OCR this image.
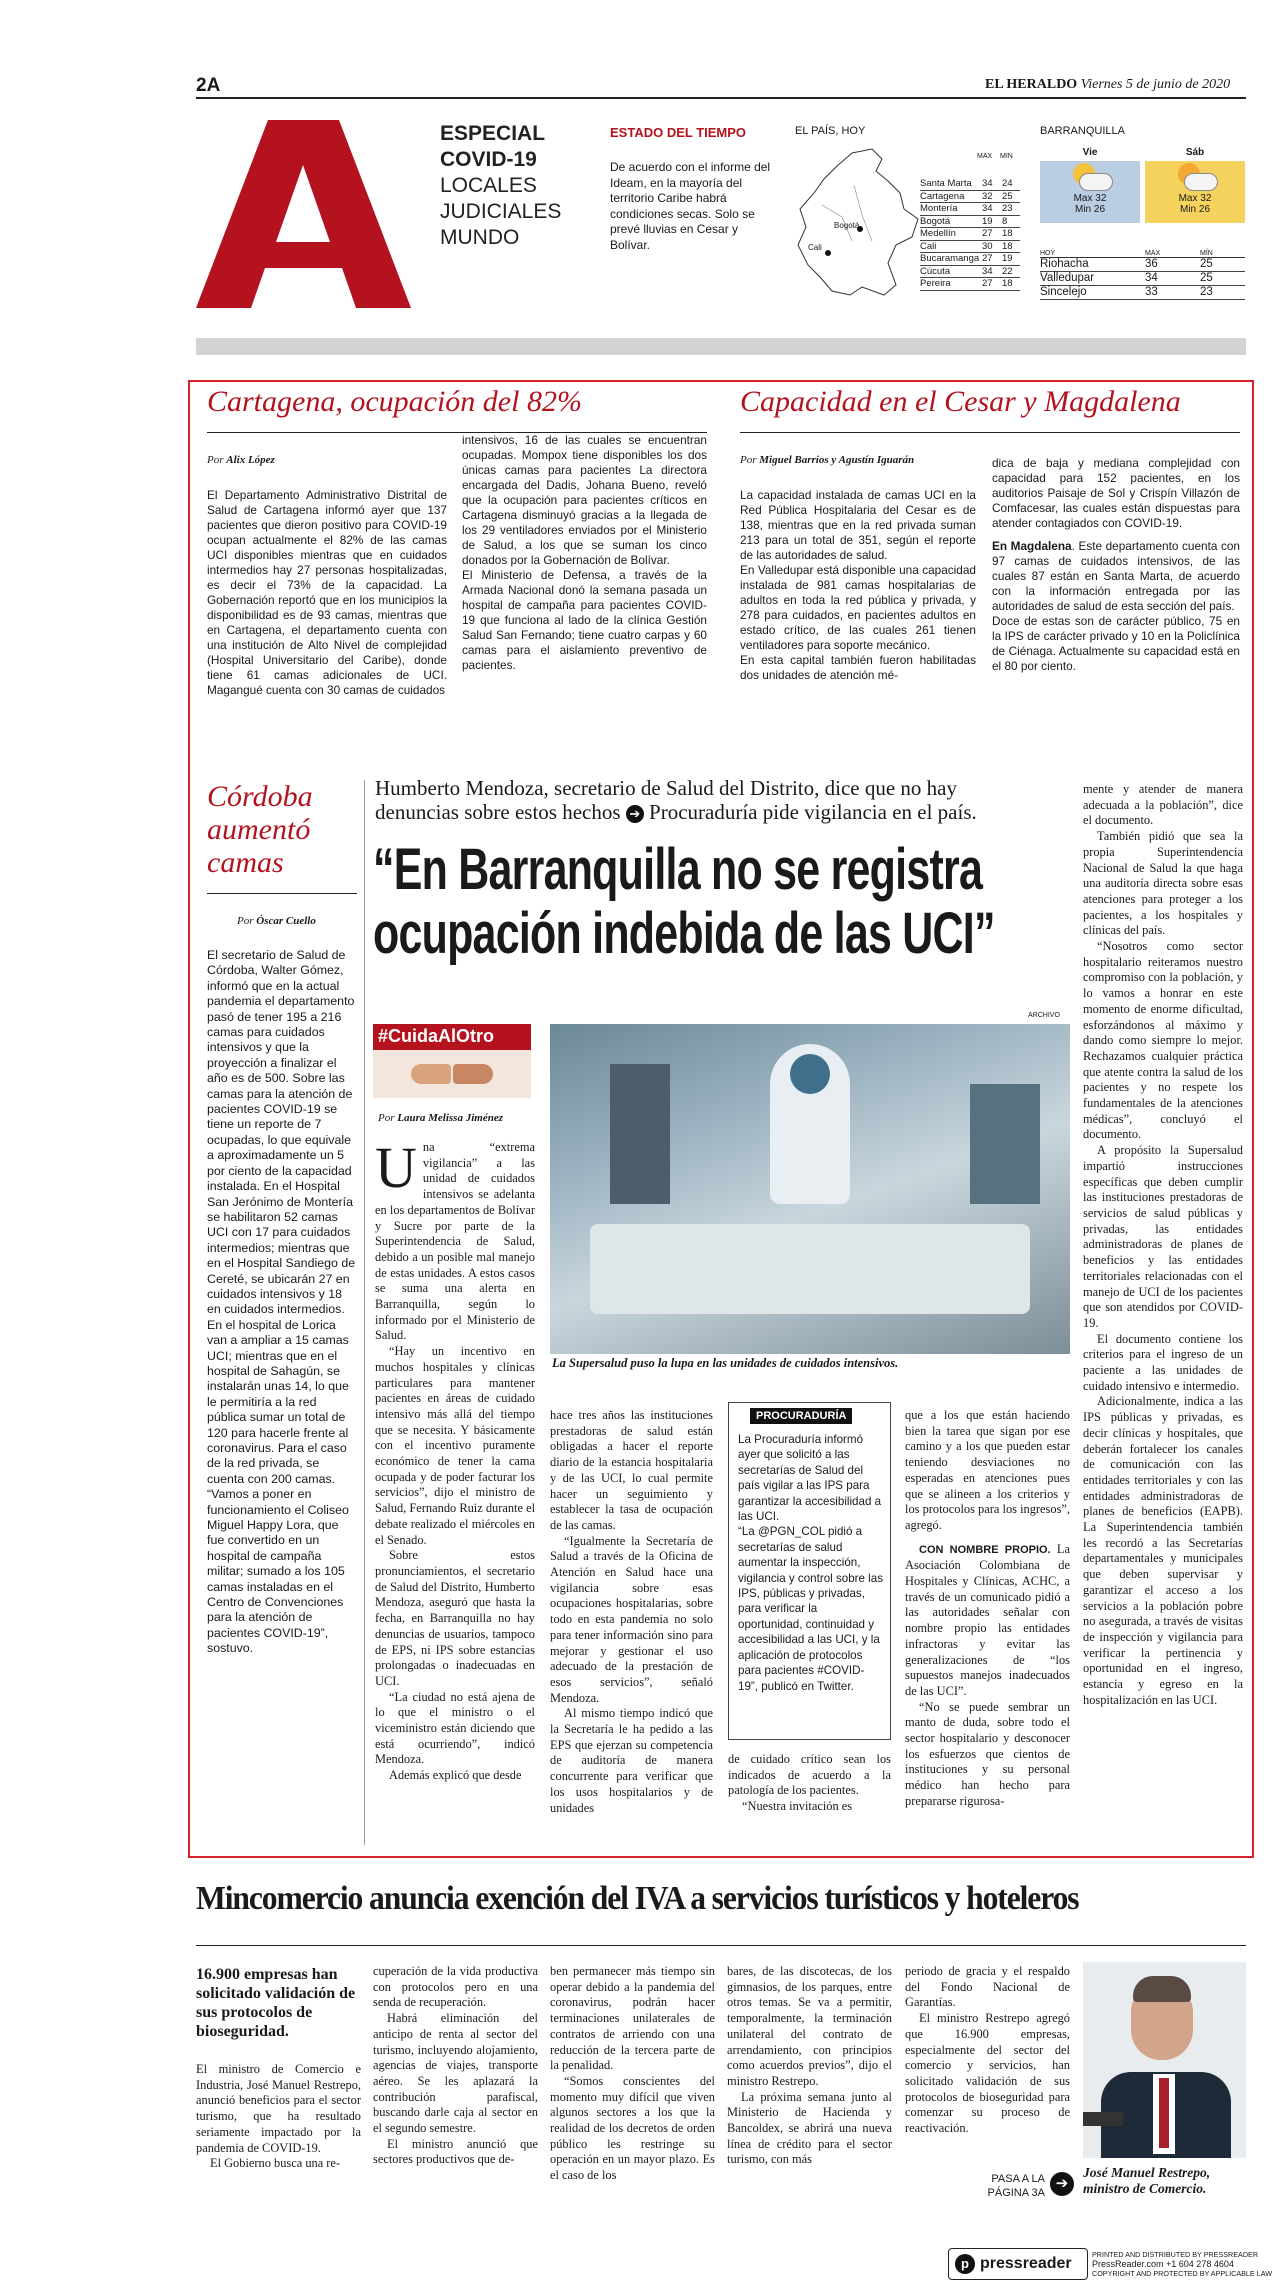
2A	EL HERALDO Viernes 5 de junio de 2020
ESPECIAL
COVID-19
LOCALES
JUDICIALES
MUNDO
ESTADO DEL TIEMPO
De acuerdo con el informe del Ideam, en la mayoría del territorio Caribe habrá condiciones secas. Solo se prevé lluvias en Cesar y Bolívar.
EL PAÍS, HOY
Bogotá
Cali
MAX MIN
Santa Marta	34 24
Cartagena	32 25
Montería	34 23
Bogotá	19 8
Medellín	27 18
Cali	30 18
Bucaramanga 27 19
Cúcuta	34 22
Pereira	27 18
BARRANQUILLA
Vie
Max 32
Min 26
Sáb
Max 32
Min 26
HOY	MAX	MÍN
Riohacha	36	25
Valledupar	34	25
Sincelejo	33	23
Cartagena, ocupación del 82%
Por Alix López

El Departamento Administrativo Distrital de Salud de Cartagena informó ayer que 137 pacientes que dieron positivo para COVID-19 ocupan actualmente el 82% de las camas UCI disponibles mientras que en cuidados intermedios hay 27 personas hospitalizadas, es decir el 73% de la capacidad. La Gobernación reportó que en los municipios la disponibilidad es de 93 camas, mientras que en Cartagena, el departamento cuenta con una institución de Alto Nivel de complejidad (Hospital Universitario del Caribe), donde tiene 61 camas adicionales de UCI. Magangué cuenta con 30 camas de cuidados

intensivos, 16 de las cuales se encuentran ocupadas. Mompox tiene disponibles los dos únicas camas para pacientes La directora encargada del Dadis, Johana Bueno, reveló que la ocupación para pacientes críticos en Cartagena disminuyó gracias a la llegada de los 29 ventiladores enviados por el Ministerio de Salud, a los que se suman los cinco donados por la Gobernación de Bolívar.

El Ministerio de Defensa, a través de la Armada Nacional donó la semana pasada un hospital de campaña para pacientes COVID-19 que funciona al lado de la clínica Gestión Salud San Fernando; tiene cuatro carpas y 60 camas para el aislamiento preventivo de pacientes.

Capacidad en el Cesar y Magdalena
Por Miguel Barrios y Agustín Iguarán

La capacidad instalada de camas UCI en la Red Pública Hospitalaria del Cesar es de 138, mientras que en la red privada suman 213 para un total de 351, según el reporte de las autoridades de salud.

En Valledupar está disponible una capacidad instalada de 981 camas hospitalarias de adultos en toda la red pública y privada, y 278 para cuidados, en pacientes adultos en estado crítico, de las cuales 261 tienen ventiladores para soporte mecánico.

En esta capital también fueron habilitadas dos unidades de atención mé-

dica de baja y mediana complejidad con capacidad para 152 pacientes, en los auditorios Paisaje de Sol y Crispín Villazón de Comfacesar, las cuales están dispuestas para atender contagiados con COVID-19.

En Magdalena. Este departamento cuenta con 97 camas de cuidados intensivos, de las cuales 87 están en Santa Marta, de acuerdo con la información entregada por las autoridades de salud de esta sección del país.

Doce de estas son de carácter público, 75 en la IPS de carácter privado y 10 en la Policlínica de Ciénaga. Actualmente su capacidad está en el 80 por ciento.

Córdoba aumentó camas
Por Óscar Cuello

El secretario de Salud de Córdoba, Walter Gómez, informó que en la actual pandemia el departamento pasó de tener 195 a 216 camas para cuidados intensivos y que la proyección a finalizar el año es de 500. Sobre las camas para la atención de pacientes COVID-19 se tiene un reporte de 7 ocupadas, lo que equivale a aproximadamente un 5 por ciento de la capacidad instalada. En el Hospital San Jerónimo de Montería se habilitaron 52 camas UCI con 17 para cuidados intermedios; mientras que en el Hospital Sandiego de Cereté, se ubicarán 27 en cuidados intensivos y 18 en cuidados intermedios.

En el hospital de Lorica van a ampliar a 15 camas UCI; mientras que en el hospital de Sahagún, se instalarán unas 14, lo que le permitiría a la red pública sumar un total de 120 para hacerle frente al coronavirus. Para el caso de la red privada, se cuenta con 200 camas.

“Vamos a poner en funcionamiento el Coliseo Miguel Happy Lora, que fue convertido en un hospital de campaña militar; sumado a los 105 camas instaladas en el Centro de Convenciones para la atención de pacientes COVID-19”, sostuvo.

Humberto Mendoza, secretario de Salud del Distrito, dice que no hay
denuncias sobre estos hechos ➔ Procuraduría pide vigilancia en el país.
“En Barranquilla no se registra
ocupación indebida de las UCI”
ARCHIVO
#CuidaAlOtro
Por Laura Melissa Jiménez
La Supersalud puso la lupa en las unidades de cuidados intensivos.

Una “extrema vigilancia” a las unidad de cuidados intensivos se adelanta en los departamentos de Bolívar y Sucre por parte de la Superintendencia de Salud, debido a un posible mal manejo de estas unidades. A estos casos se suma una alerta en Barranquilla, según lo informado por el Ministerio de Salud.

“Hay un incentivo en muchos hospitales y clínicas particulares para mantener pacientes en áreas de cuidado intensivo más allá del tiempo que se necesita. Y básicamente con el incentivo puramente económico de tener la cama ocupada y de poder facturar los servicios”, dijo el ministro de Salud, Fernando Ruiz durante el debate realizado el miércoles en el Senado.

Sobre estos pronunciamientos, el secretario de Salud del Distrito, Humberto Mendoza, aseguró que hasta la fecha, en Barranquilla no hay denuncias de usuarios, tampoco de EPS, ni IPS sobre estancias prolongadas o inadecuadas en UCI.

“La ciudad no está ajena de lo que el ministro o el viceministro están diciendo que está ocurriendo”, indicó Mendoza.

Además explicó que desde

hace tres años las instituciones prestadoras de salud están obligadas a hacer el reporte diario de la estancia hospitalaria y de las UCI, lo cual permite hacer un seguimiento y establecer la tasa de ocupación de las camas.

“Igualmente la Secretaría de Salud a través de la Oficina de Atención en Salud hace una vigilancia sobre esas ocupaciones hospitalarias, sobre todo en esta pandemia no solo para tener información sino para mejorar y gestionar el uso adecuado de la prestación de esos servicios”, señaló Mendoza.

Al mismo tiempo indicó que la Secretaría le ha pedido a las EPS que ejerzan su competencia de auditoría de manera concurrente para verificar que los usos hospitalarios y de unidades

PROCURADURÍA

La Procuraduría informó ayer que solicitó a las secretarías de Salud del país vigilar a las IPS para garantizar la accesibilidad a las UCI.

“La @PGN_COL pidió a secretarías de salud aumentar la inspección, vigilancia y control sobre las IPS, públicas y privadas, para verificar la oportunidad, continuidad y accesibilidad a las UCI, y la aplicación de protocolos para pacientes #COVID-19”, publicó en Twitter.

de cuidado crítico sean los indicados de acuerdo a la patología de los pacientes.

“Nuestra invitación es

que a los que están haciendo bien la tarea que sigan por ese camino y a los que pueden estar teniendo desviaciones no esperadas en atenciones pues que se alineen a los criterios y los protocolos para los ingresos”, agregó.

CON NOMBRE PROPIO. La Asociación Colombiana de Hospitales y Clínicas, ACHC, a través de un comunicado pidió a las autoridades señalar con nombre propio las entidades infractoras y evitar las generalizaciones de “los supuestos manejos inadecuados de las UCI”.

“No se puede sembrar un manto de duda, sobre todo el sector hospitalario y desconocer los esfuerzos que cientos de instituciones y su personal médico han hecho para prepararse rigurosa-

mente y atender de manera adecuada a la población”, dice el documento.

También pidió que sea la propia Superintendencia Nacional de Salud la que haga una auditoría directa sobre esas atenciones para proteger a los pacientes, a los hospitales y clínicas del país.

“Nosotros como sector hospitalario reiteramos nuestro compromiso con la población, y lo vamos a honrar en este momento de enorme dificultad, esforzándonos al máximo y dando como siempre lo mejor. Rechazamos cualquier práctica que atente contra la salud de los pacientes y no respete los fundamentales de la atenciones médicas”, concluyó el documento.

A propósito la Supersalud impartió instrucciones específicas que deben cumplir las instituciones prestadoras de servicios de salud públicas y privadas, las entidades administradoras de planes de beneficios y las entidades territoriales relacionadas con el manejo de UCI de los pacientes que son atendidos por COVID-19.

El documento contiene los criterios para el ingreso de un paciente a las unidades de cuidado intensivo e intermedio.

Adicionalmente, indica a las IPS públicas y privadas, es decir clínicas y hospitales, que deberán fortalecer los canales de comunicación con las entidades territoriales y con las entidades administradoras de planes de beneficios (EAPB). La Superintendencia también les recordó a las Secretarías departamentales y municipales que deben supervisar y garantizar el acceso a los servicios a la población pobre no asegurada, a través de visitas de inspección y vigilancia para verificar la pertinencia y oportunidad en el ingreso, estancia y egreso en la hospitalización en las UCI.

Mincomercio anuncia exención del IVA a servicios turísticos y hoteleros
16.900 empresas han solicitado validación de sus protocolos de bioseguridad.

El ministro de Comercio e Industria, José Manuel Restrepo, anunció beneficios para el sector turismo, que ha resultado seriamente impactado por la pandemia de COVID-19.

El Gobierno busca una re-

cuperación de la vida productiva con protocolos pero en una senda de recuperación.

Habrá eliminación del anticipo de renta al sector del turismo, incluyendo alojamiento, agencias de viajes, transporte aéreo. Se les aplazará la contribución parafiscal, buscando darle caja al sector en el segundo semestre.

El ministro anunció que sectores productivos que de-

ben permanecer más tiempo sin operar debido a la pandemia del coronavirus, podrán hacer terminaciones unilaterales de contratos de arriendo con una reducción de la tercera parte de la penalidad.

“Somos conscientes del momento muy difícil que viven algunos sectores a los que la realidad de los decretos de orden público les restringe su operación en un mayor plazo. Es el caso de los

bares, de las discotecas, de los gimnasios, de los parques, entre otros temas. Se va a permitir, temporalmente, la terminación unilateral del contrato de arrendamiento, con principios como acuerdos previos”, dijo el ministro Restrepo.

La próxima semana junto al Ministerio de Hacienda y Bancoldex, se abrirá una nueva línea de crédito para el sector turismo, con más

periodo de gracia y el respaldo del Fondo Nacional de Garantías.

El ministro Restrepo agregó que 16.900 empresas, especialmente del sector del comercio y servicios, han solicitado validación de sus protocolos de bioseguridad para comenzar su proceso de reactivación.

PASA A LA
PÁGINA 3A
➔
José Manuel Restrepo, ministro de Comercio.
p pressreader
PRINTED AND DISTRIBUTED BY PRESSREADER
PressReader.com +1 604 278 4604
COPYRIGHT AND PROTECTED BY APPLICABLE LAW
